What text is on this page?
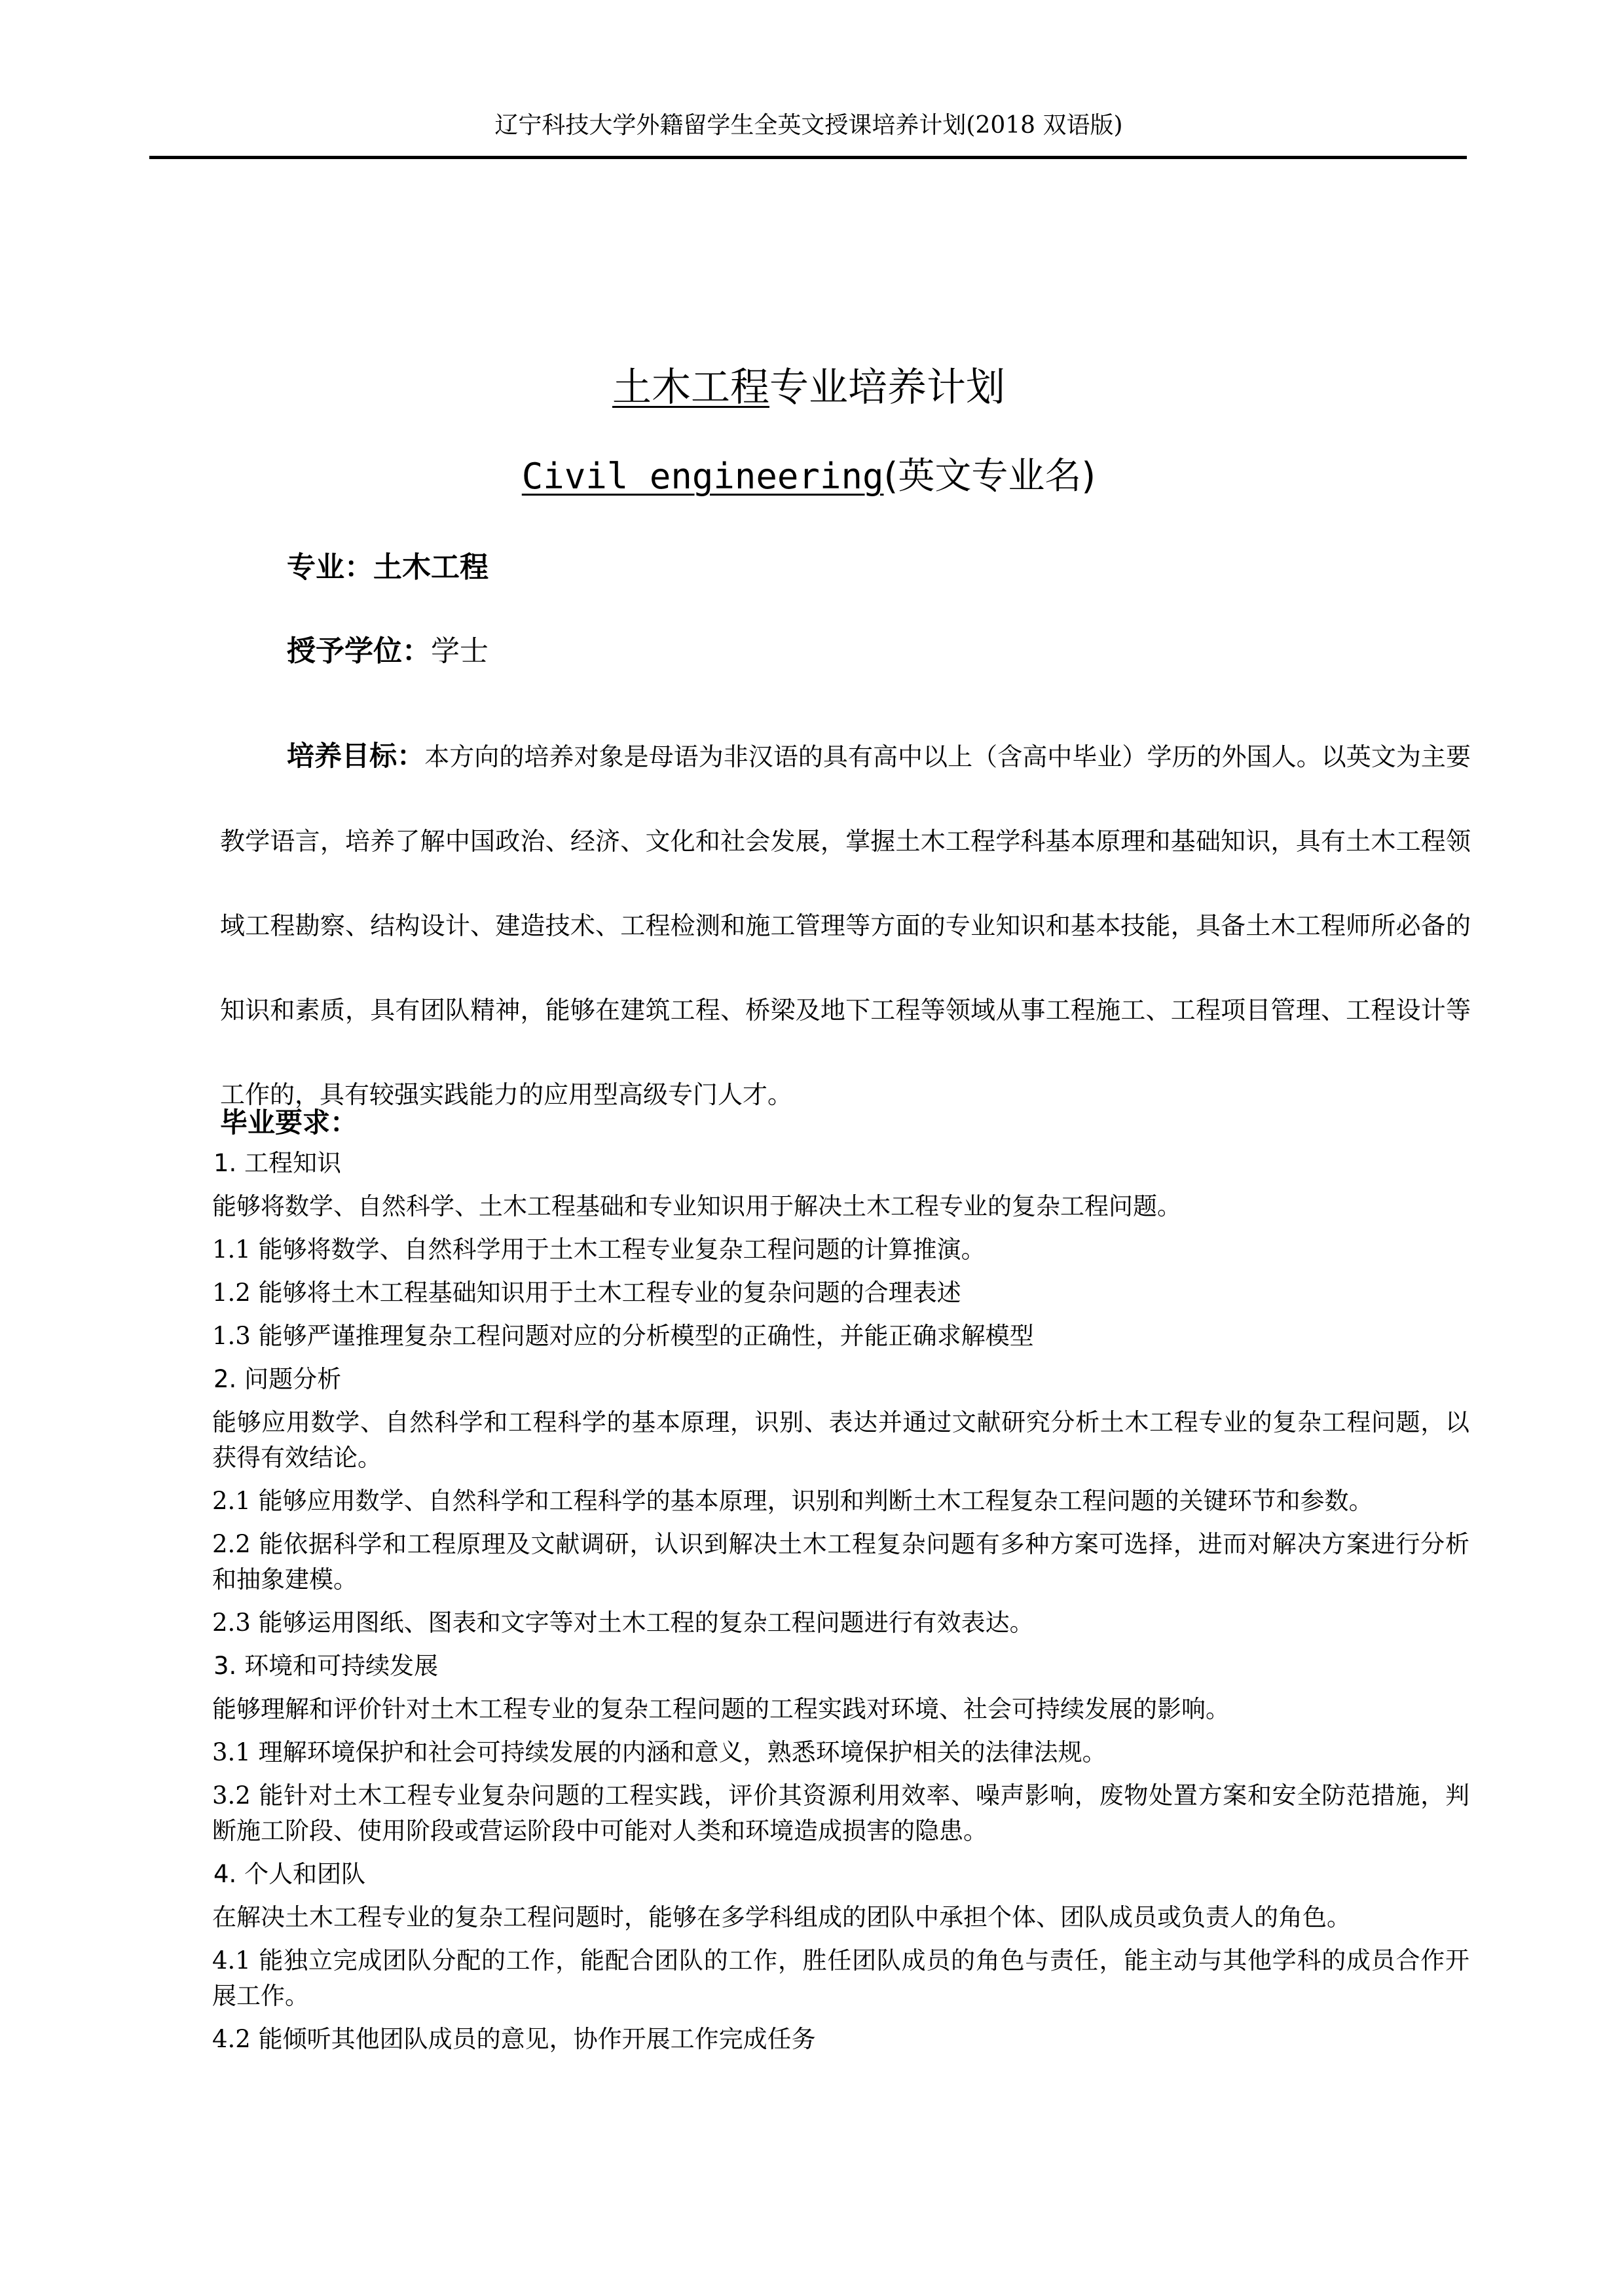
辽宁科技大学外籍留学生全英文授课培养计划(2018 双语版)
土木工程专业培养计划
Civil engineering(英文专业名)
专业：土木工程
授予学位：学士
培养目标：本方向的培养对象是母语为非汉语的具有高中以上（含高中毕业）学历的外国人。以英文为主要教学语言，培养了解中国政治、经济、文化和社会发展，掌握土木工程学科基本原理和基础知识，具有土木工程领域工程勘察、结构设计、建造技术、工程检测和施工管理等方面的专业知识和基本技能，具备土木工程师所必备的知识和素质，具有团队精神，能够在建筑工程、桥梁及地下工程等领域从事工程施工、工程项目管理、工程设计等工作的，具有较强实践能力的应用型高级专门人才。
毕业要求：

1. 工程知识

能够将数学、自然科学、土木工程基础和专业知识用于解决土木工程专业的复杂工程问题。

1.1 能够将数学、自然科学用于土木工程专业复杂工程问题的计算推演。

1.2 能够将土木工程基础知识用于土木工程专业的复杂问题的合理表述

1.3 能够严谨推理复杂工程问题对应的分析模型的正确性，并能正确求解模型

2. 问题分析

能够应用数学、自然科学和工程科学的基本原理，识别、表达并通过文献研究分析土木工程专业的复杂工程问题，以获得有效结论。

2.1 能够应用数学、自然科学和工程科学的基本原理，识别和判断土木工程复杂工程问题的关键环节和参数。

2.2 能依据科学和工程原理及文献调研，认识到解决土木工程复杂问题有多种方案可选择，进而对解决方案进行分析和抽象建模。

2.3 能够运用图纸、图表和文字等对土木工程的复杂工程问题进行有效表达。

3. 环境和可持续发展

能够理解和评价针对土木工程专业的复杂工程问题的工程实践对环境、社会可持续发展的影响。

3.1 理解环境保护和社会可持续发展的内涵和意义，熟悉环境保护相关的法律法规。

3.2 能针对土木工程专业复杂问题的工程实践，评价其资源利用效率、噪声影响，废物处置方案和安全防范措施，判断施工阶段、使用阶段或营运阶段中可能对人类和环境造成损害的隐患。

4. 个人和团队

在解决土木工程专业的复杂工程问题时，能够在多学科组成的团队中承担个体、团队成员或负责人的角色。

4.1 能独立完成团队分配的工作，能配合团队的工作，胜任团队成员的角色与责任，能主动与其他学科的成员合作开展工作。

4.2 能倾听其他团队成员的意见，协作开展工作完成任务
